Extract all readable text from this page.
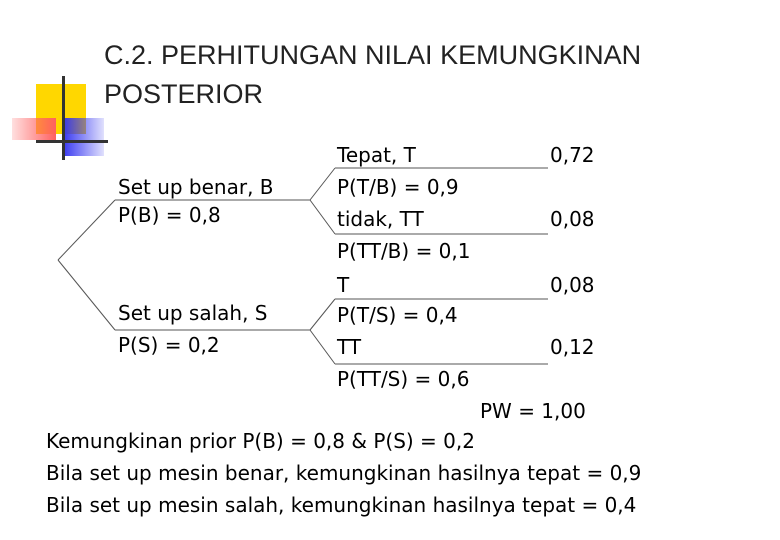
C.2. PERHITUNGAN NILAI KEMUNGKINAN
POSTERIOR
Set up benar, B
P(B) = 0,8
Set up salah, S
P(S) = 0,2
Tepat, T	0,72
P(T/B) = 0,9
tidak, TT	0,08
P(TT/B) = 0,1
T	0,08
P(T/S) = 0,4
TT	0,12
P(TT/S) = 0,6
PW = 1,00
Kemungkinan prior P(B) = 0,8 & P(S) = 0,2
Bila set up mesin benar, kemungkinan hasilnya tepat = 0,9
Bila set up mesin salah, kemungkinan hasilnya tepat = 0,4
